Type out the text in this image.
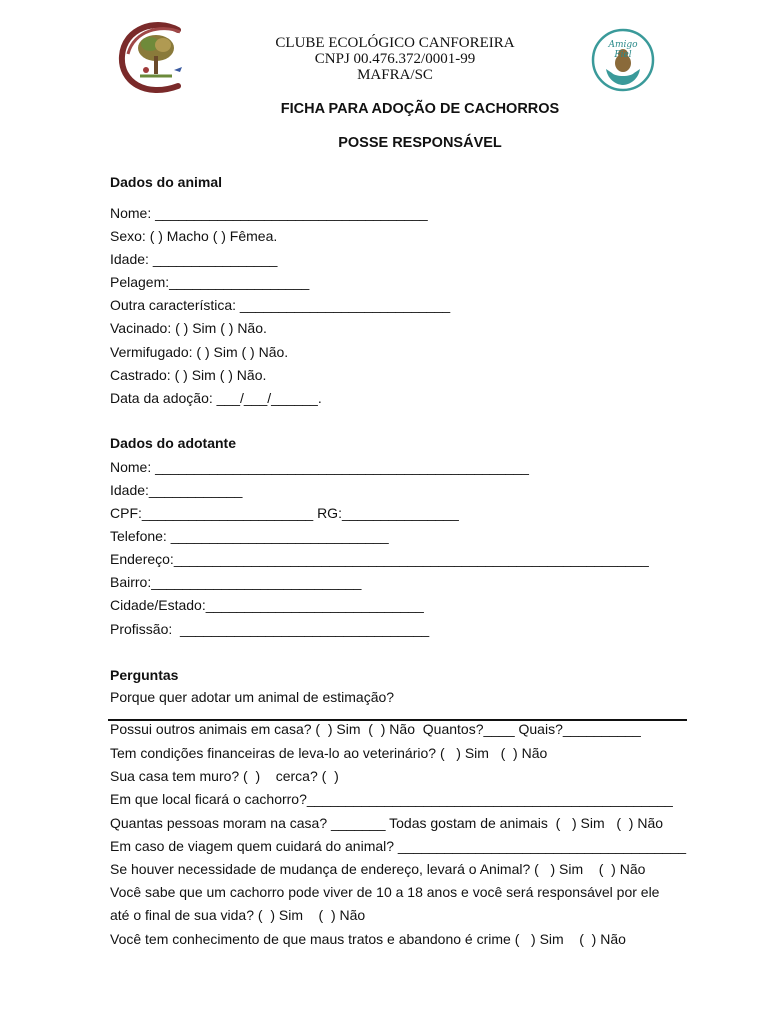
Amigo Fiel
CLUBE ECOLÓGICO CANFOREIRA
CNPJ 00.476.372/0001-99
MAFRA/SC
FICHA PARA ADOÇÃO DE CACHORROS
POSSE RESPONSÁVEL
Dados do animal
Nome: ___________________________________
Sexo: ( ) Macho ( ) Fêmea.
Idade: ________________
Pelagem:__________________
Outra característica: ___________________________
Vacinado: ( ) Sim ( ) Não.
Vermifugado: ( ) Sim ( ) Não.
Castrado: ( ) Sim ( ) Não.
Data da adoção: ___/___/______.
Dados do adotante
Nome: ________________________________________________
Idade:____________
CPF:______________________ RG:_______________
Telefone: ____________________________
Endereço:_____________________________________________________________
Bairro:___________________________
Cidade/Estado:____________________________
Profissão:  ________________________________
Perguntas
Porque quer adotar um animal de estimação?
Possui outros animais em casa? (  ) Sim  (  ) Não  Quantos?____ Quais?__________
Tem condições financeiras de leva-lo ao veterinário? (   ) Sim   (  ) Não
Sua casa tem muro? (  )    cerca? (  )
Em que local ficará o cachorro?_______________________________________________
Quantas pessoas moram na casa? _______ Todas gostam de animais  (   ) Sim   (  ) Não
Em caso de viagem quem cuidará do animal? _____________________________________
Se houver necessidade de mudança de endereço, levará o Animal? (   ) Sim    (  ) Não
Você sabe que um cachorro pode viver de 10 a 18 anos e você será responsável por ele
até o final de sua vida? (  ) Sim    (  ) Não
Você tem conhecimento de que maus tratos e abandono é crime (   ) Sim    (  ) Não
